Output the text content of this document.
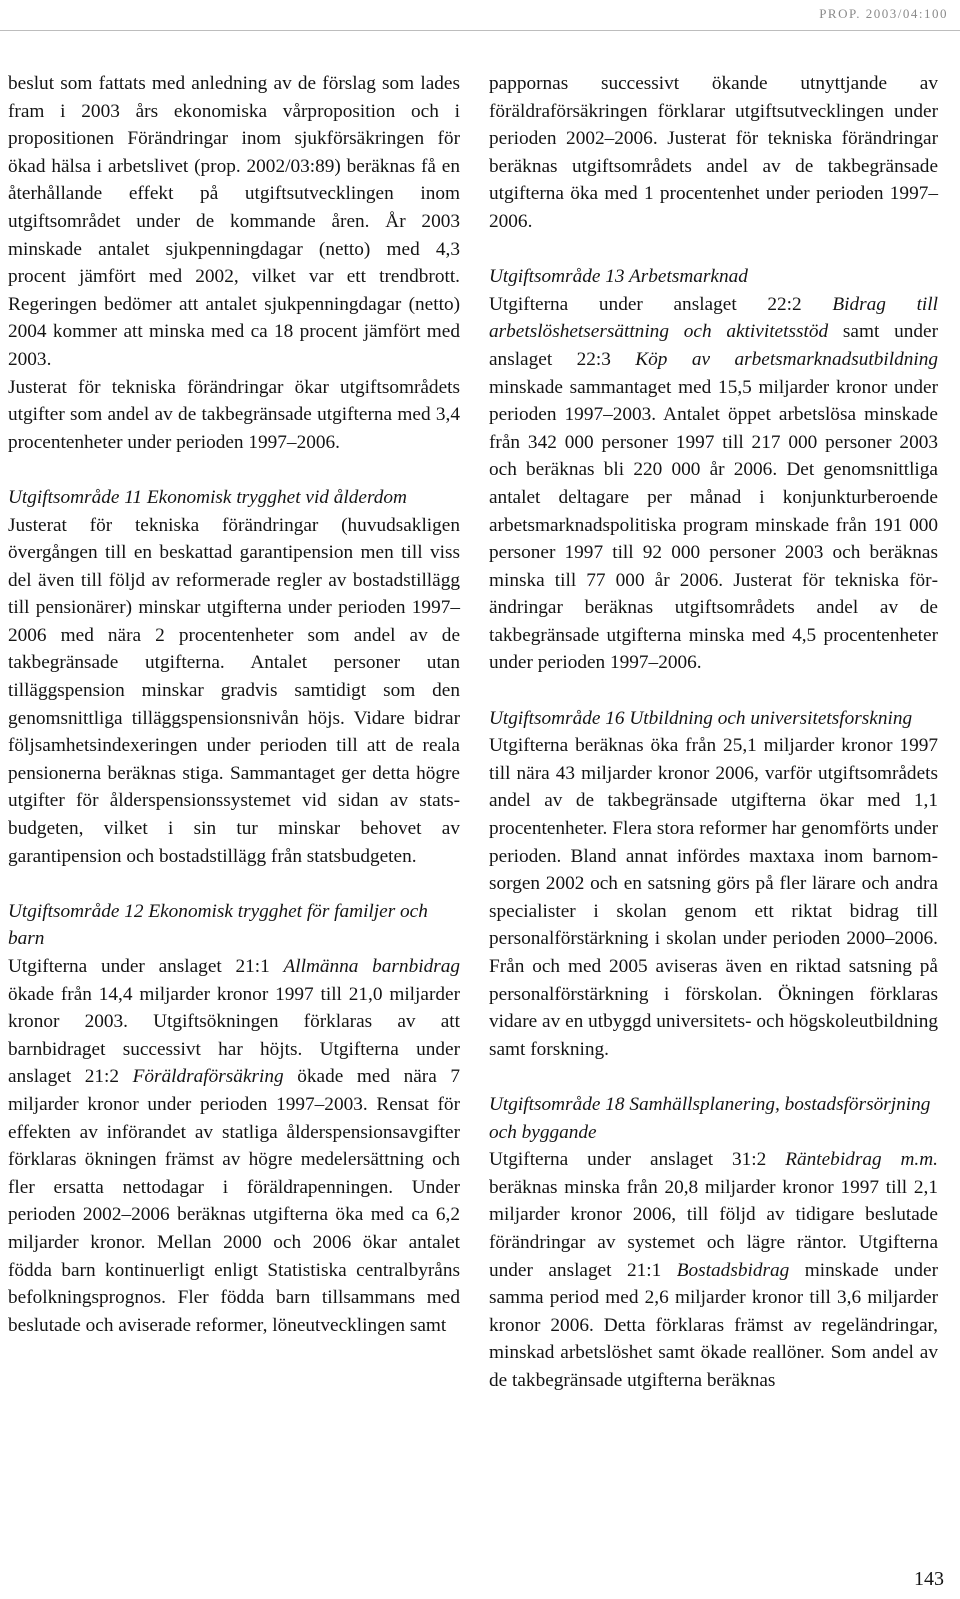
PROP. 2003/04:100

beslut som fattats med anledning av de förslag som lades fram i 2003 års ekonomiska vårproposition och i propositionen Förändringar inom sjukförsäkringen för ökad hälsa i arbetslivet (prop. 2002/03:89) beräknas få en återhållande effekt på utgiftsutvecklingen inom utgiftsområdet under de kommande åren. År 2003 minskade antalet sjukpenningdagar (netto) med 4,3 procent jämfört med 2002, vilket var ett trendbrott. Regeringen bedömer att antalet sjukpenningdagar (netto) 2004 kommer att minska med ca 18 procent jämfört med 2003.

Justerat för tekniska förändringar ökar utgiftsområdets utgifter som andel av de takbegränsade utgifterna med 3,4 procentenheter under perioden 1997–2006.

Utgiftsområde 11 Ekonomisk trygghet vid ålderdom

Justerat för tekniska förändringar (huvudsakligen övergången till en beskattad garantipension men till viss del även till följd av reformerade regler av bostadstillägg till pensionärer) minskar utgifterna under perioden 1997–2006 med nära 2 procentenheter som andel av de takbegränsade utgifterna. Antalet personer utan tilläggspension minskar gradvis samtidigt som den genomsnittliga tilläggspensionsnivån höjs. Vidare bidrar följsamhetsindexeringen under perioden till att de reala pensionerna beräknas stiga. Sammantaget ger detta högre utgifter för ålderspensionssystemet vid sidan av statsbudgeten, vilket i sin tur minskar behovet av garantipension och bostadstillägg från statsbudgeten.

Utgiftsområde 12 Ekonomisk trygghet för familjer och barn

Utgifterna under anslaget 21:1 Allmänna barnbidrag ökade från 14,4 miljarder kronor 1997 till 21,0 miljarder kronor 2003. Utgiftsökningen förklaras av att barnbidraget successivt har höjts. Utgifterna under anslaget 21:2 Föräldraförsäkring ökade med nära 7 miljarder kronor under perioden 1997–2003. Rensat för effekten av införandet av statliga ålderspensionsavgifter förklaras ökningen främst av högre medelersättning och fler ersatta nettodagar i föräldrapenningen. Under perioden 2002–2006 beräknas utgifterna öka med ca 6,2 miljarder kronor. Mellan 2000 och 2006 ökar antalet födda barn kontinuerligt enligt Statistiska centralbyråns befolkningsprognos. Fler födda barn tillsammans med beslutade och aviserade reformer, löneutvecklingen samt

pappornas successivt ökande utnyttjande av föräldraförsäkringen förklarar utgiftsutvecklingen under perioden 2002–2006. Justerat för tekniska förändringar beräknas utgiftsområdets andel av de takbegränsade utgifterna öka med 1 procentenhet under perioden 1997–2006.

Utgiftsområde 13 Arbetsmarknad

Utgifterna under anslaget 22:2 Bidrag till arbetslöshetsersättning och aktivitetsstöd samt under anslaget 22:3 Köp av arbetsmarknadsutbildning minskade sammantaget med 15,5 miljarder kronor under perioden 1997–2003. Antalet öppet arbetslösa minskade från 342 000 personer 1997 till 217 000 personer 2003 och beräknas bli 220 000 år 2006. Det genomsnittliga antalet deltagare per månad i konjunkturberoende arbetsmarknadspolitiska program minskade från 191 000 personer 1997 till 92 000 personer 2003 och beräknas minska till 77 000 år 2006. Justerat för tekniska förändringar beräknas utgiftsområdets andel av de takbegränsade utgifterna minska med 4,5 procentenheter under perioden 1997–2006.

Utgiftsområde 16 Utbildning och universitetsforskning

Utgifterna beräknas öka från 25,1 miljarder kronor 1997 till nära 43 miljarder kronor 2006, varför utgiftsområdets andel av de takbegränsade utgifterna ökar med 1,1 procentenheter. Flera stora reformer har genomförts under perioden. Bland annat infördes maxtaxa inom barnomsorgen 2002 och en satsning görs på fler lärare och andra specialister i skolan genom ett riktat bidrag till personalförstärkning i skolan under perioden 2000–2006. Från och med 2005 aviseras även en riktad satsning på personalförstärkning i förskolan. Ökningen förklaras vidare av en utbyggd universitets- och högskoleutbildning samt forskning.

Utgiftsområde 18 Samhällsplanering, bostadsförsörjning och byggande

Utgifterna under anslaget 31:2 Räntebidrag m.m. beräknas minska från 20,8 miljarder kronor 1997 till 2,1 miljarder kronor 2006, till följd av tidigare beslutade förändringar av systemet och lägre räntor. Utgifterna under anslaget 21:1 Bostadsbidrag minskade under samma period med 2,6 miljarder kronor till 3,6 miljarder kronor 2006. Detta förklaras främst av regeländringar, minskad arbetslöshet samt ökade reallöner. Som andel av de takbegränsade utgifterna beräknas

143
